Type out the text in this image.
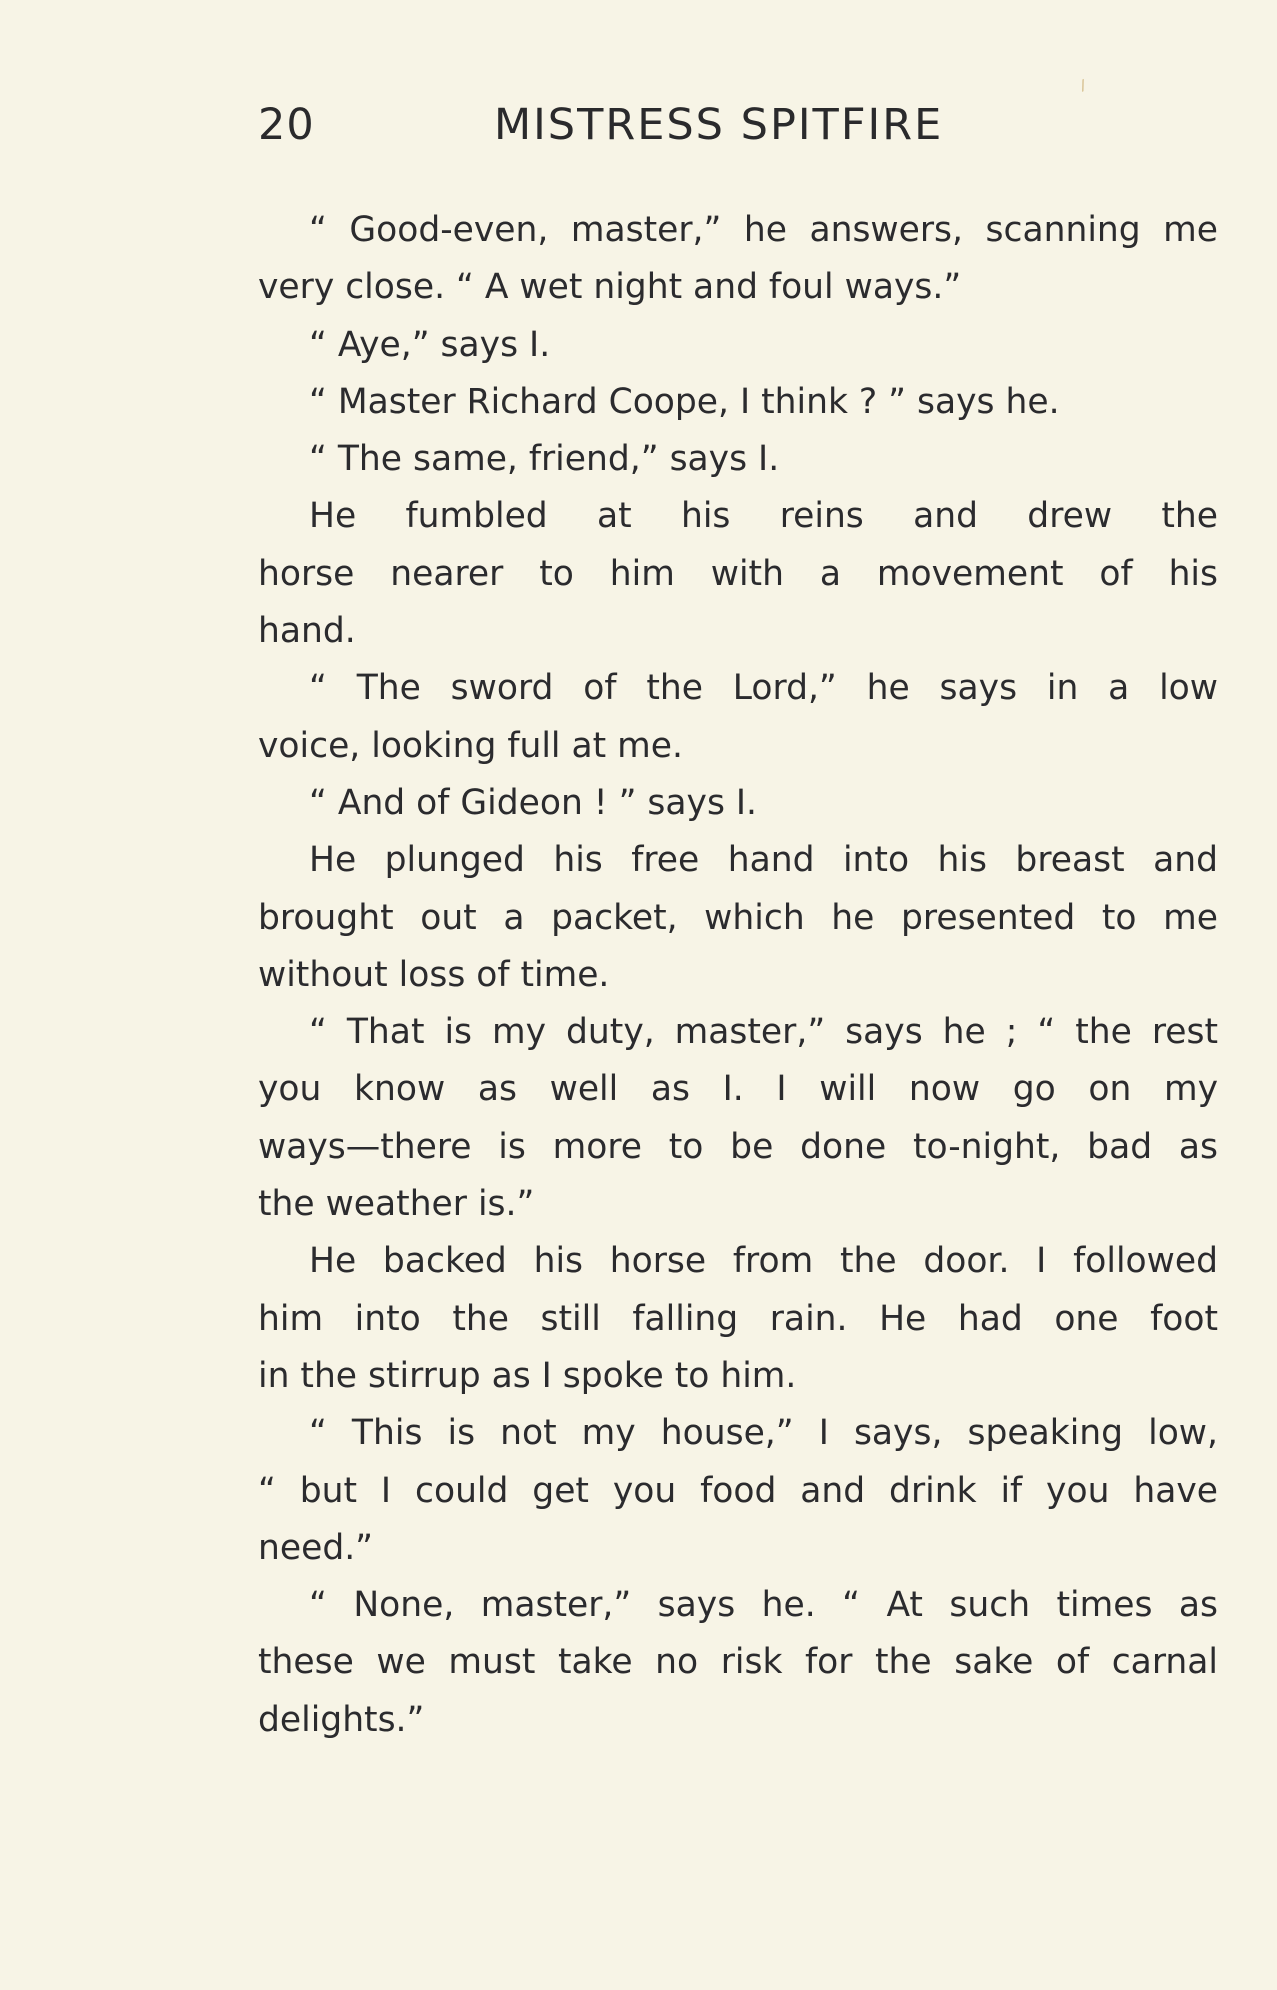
20	MISTRESS SPITFIRE
“ Good-even, master,” he answers, scanning me
very close. “ A wet night and foul ways.”
“ Aye,” says I.
“ Master Richard Coope, I think ? ” says he.
“ The same, friend,” says I.
He fumbled at his reins and drew the
horse nearer to him with a movement of his
hand.
“ The sword of the Lord,” he says in a low
voice, looking full at me.
“ And of Gideon ! ” says I.
He plunged his free hand into his breast and
brought out a packet, which he presented to me
without loss of time.
“ That is my duty, master,” says he ; “ the rest
you know as well as I. I will now go on my
ways—there is more to be done to-night, bad as
the weather is.”
He backed his horse from the door. I followed
him into the still falling rain. He had one foot
in the stirrup as I spoke to him.
“ This is not my house,” I says, speaking low,
“ but I could get you food and drink if you have
need.”
“ None, master,” says he. “ At such times as
these we must take no risk for the sake of carnal
delights.”
⁄
